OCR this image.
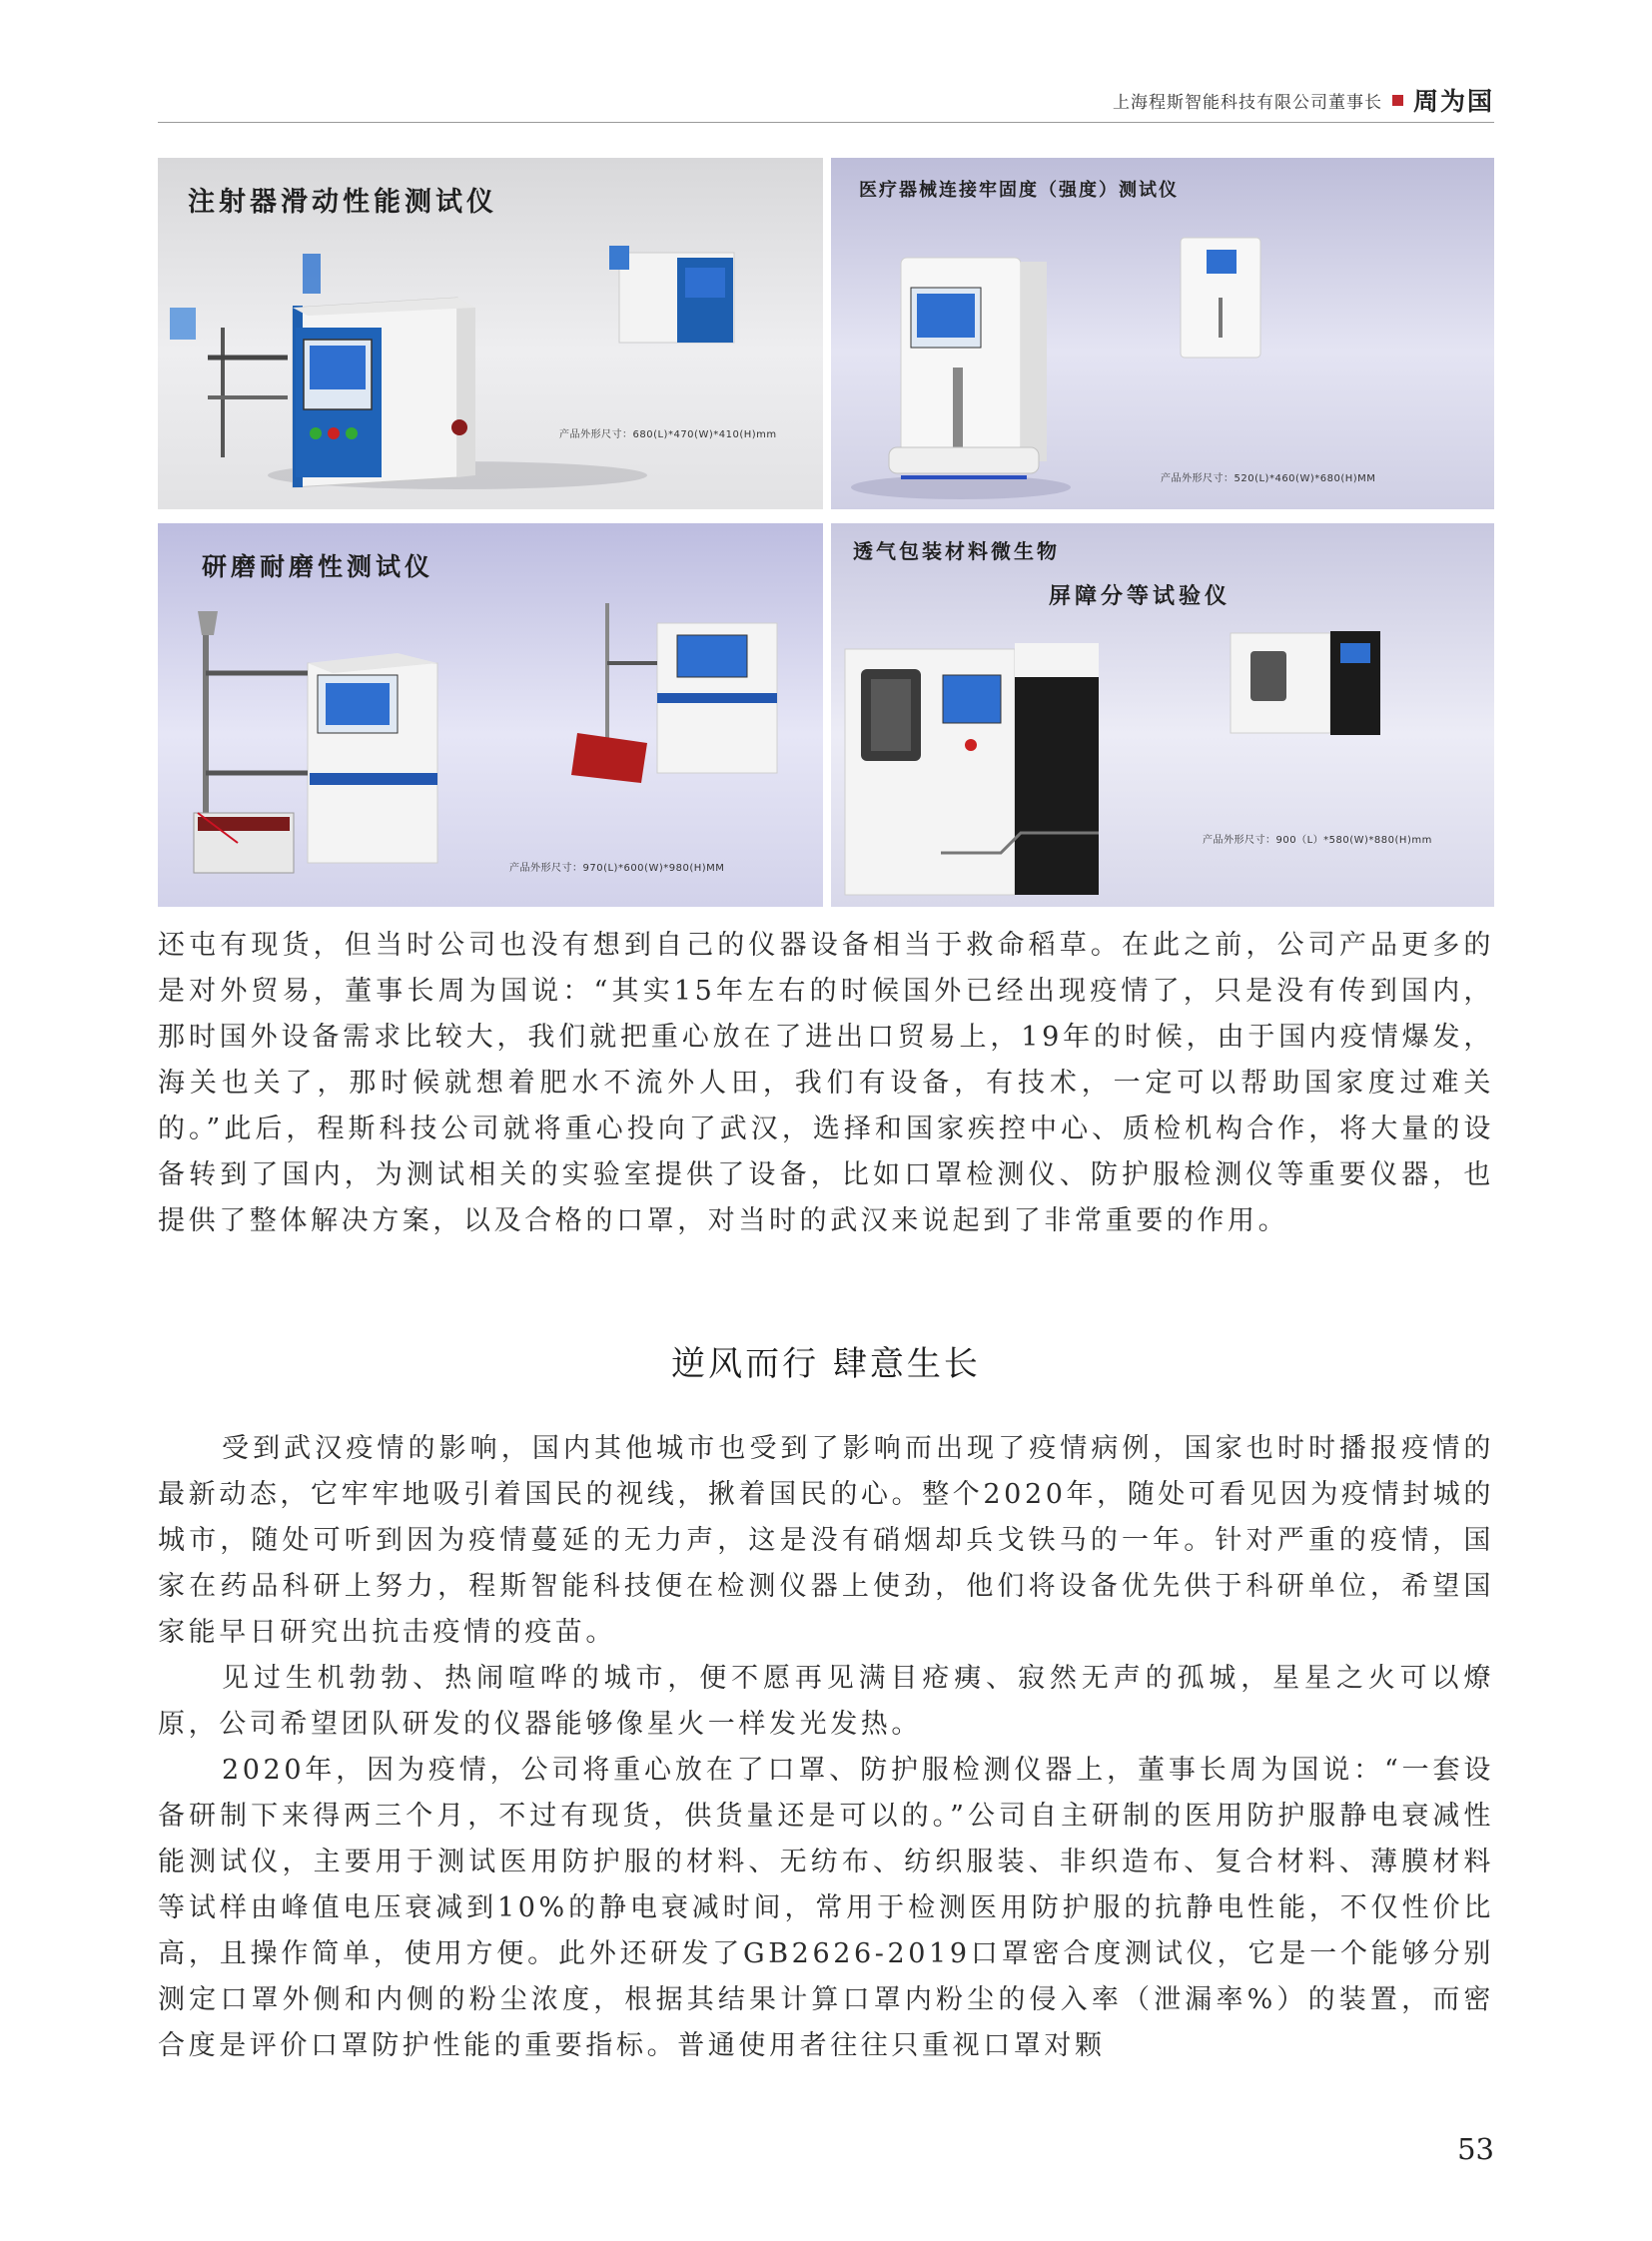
上海程斯智能科技有限公司董事长 周为国
注射器滑动性能测试仪
产品外形尺寸：680(L)*470(W)*410(H)mm
医疗器械连接牢固度（强度）测试仪
产品外形尺寸：520(L)*460(W)*680(H)MM
研磨耐磨性测试仪
产品外形尺寸：970(L)*600(W)*980(H)MM
透气包装材料微生物
屏障分等试验仪
产品外形尺寸：900（L）*580(W)*880(H)mm

还屯有现货，但当时公司也没有想到自己的仪器设备相当于救命稻草。在此之前，公司产品更多的是对外贸易，董事长周为国说：“其实15年左右的时候国外已经出现疫情了，只是没有传到国内，那时国外设备需求比较大，我们就把重心放在了进出口贸易上，19年的时候，由于国内疫情爆发，海关也关了，那时候就想着肥水不流外人田，我们有设备，有技术，一定可以帮助国家度过难关的。”此后，程斯科技公司就将重心投向了武汉，选择和国家疾控中心、质检机构合作，将大量的设备转到了国内，为测试相关的实验室提供了设备，比如口罩检测仪、防护服检测仪等重要仪器，也提供了整体解决方案，以及合格的口罩，对当时的武汉来说起到了非常重要的作用。

逆风而行 肆意生长

受到武汉疫情的影响，国内其他城市也受到了影响而出现了疫情病例，国家也时时播报疫情的最新动态，它牢牢地吸引着国民的视线，揪着国民的心。整个2020年，随处可看见因为疫情封城的城市，随处可听到因为疫情蔓延的无力声，这是没有硝烟却兵戈铁马的一年。针对严重的疫情，国家在药品科研上努力，程斯智能科技便在检测仪器上使劲，他们将设备优先供于科研单位，希望国家能早日研究出抗击疫情的疫苗。

见过生机勃勃、热闹喧哗的城市，便不愿再见满目疮痍、寂然无声的孤城，星星之火可以燎原，公司希望团队研发的仪器能够像星火一样发光发热。

2020年，因为疫情，公司将重心放在了口罩、防护服检测仪器上，董事长周为国说：“一套设备研制下来得两三个月，不过有现货，供货量还是可以的。”公司自主研制的医用防护服静电衰减性能测试仪，主要用于测试医用防护服的材料、无纺布、纺织服装、非织造布、复合材料、薄膜材料等试样由峰值电压衰减到10%的静电衰减时间，常用于检测医用防护服的抗静电性能，不仅性价比高，且操作简单，使用方便。此外还研发了GB2626-2019口罩密合度测试仪，它是一个能够分别测定口罩外侧和内侧的粉尘浓度，根据其结果计算口罩内粉尘的侵入率（泄漏率%）的装置，而密合度是评价口罩防护性能的重要指标。普通使用者往往只重视口罩对颗

53
